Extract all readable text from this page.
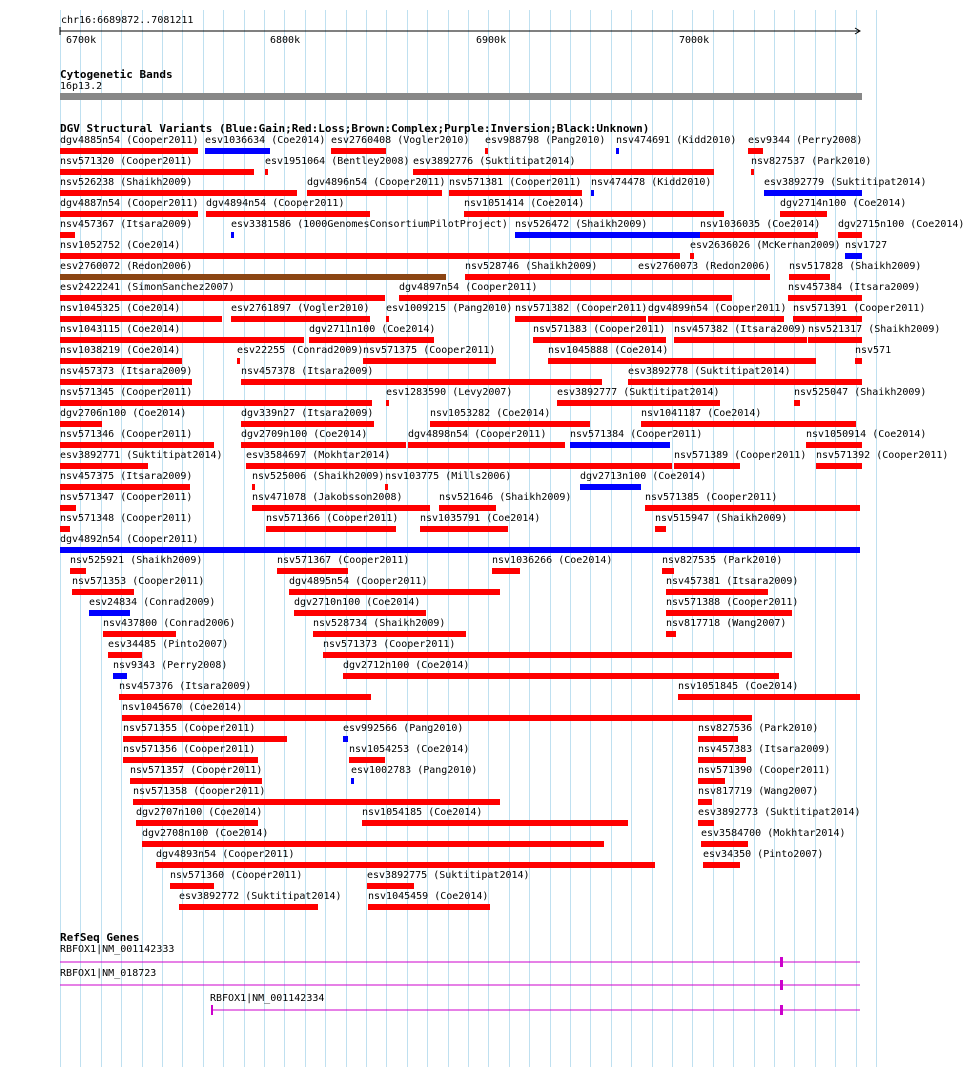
chr16:6689872..7081211
6700k	6800k	6900k	7000k
Cytogenetic Bands
16p13.2
DGV Structural Variants (Blue:Gain;Red:Loss;Brown:Complex;Purple:Inversion;Black:Unknown)
dgv4885n54 (Cooper2011) esv1036634 (Coe2014) esv2760408 (Vogler2010) esv988798 (Pang2010) nsv474691 (Kidd2010) esv9344 (Perry2008)
nsv571320 (Cooper2011)	esv1951064 (Bentley2008) esv3892776 (Suktitipat2014)	nsv827537 (Park2010)
nsv526238 (Shaikh2009)	dgv4896n54 (Cooper2011) nsv571381 (Cooper2011) nsv474478 (Kidd2010)	esv3892779 (Suktitipat2014)
dgv4887n54 (Cooper2011) dgv4894n54 (Cooper2011)	nsv1051414 (Coe2014)	dgv2714n100 (Coe2014)
nsv457367 (Itsara2009)	esv3381586 (1000GenomesConsortiumPilotProject) nsv526472 (Shaikh2009)	nsv1036035 (Coe2014) dgv2715n100 (Coe2014)
nsv1052752 (Coe2014)	esv2636026 (McKernan2009) nsv1727
esv2760072 (Redon2006)	nsv528746 (Shaikh2009)	esv2760073 (Redon2006) nsv517828 (Shaikh2009)
esv2422241 (SimonSanchez2007)	dgv4897n54 (Cooper2011)	nsv457384 (Itsara2009)
nsv1045325 (Coe2014)	esv2761897 (Vogler2010) esv1009215 (Pang2010) nsv571382 (Cooper2011) dgv4899n54 (Cooper2011) nsv571391 (Cooper2011)
nsv1043115 (Coe2014)	dgv2711n100 (Coe2014)	nsv571383 (Cooper2011) nsv457382 (Itsara2009) nsv521317 (Shaikh2009)
nsv1038219 (Coe2014)	esv22255 (Conrad2009) nsv571375 (Cooper2011)	nsv1045888 (Coe2014)	nsv571
nsv457373 (Itsara2009)	nsv457378 (Itsara2009)	esv3892778 (Suktitipat2014)
nsv571345 (Cooper2011)	esv1283590 (Levy2007)	esv3892777 (Suktitipat2014)	nsv525047 (Shaikh2009)
dgv2706n100 (Coe2014)	dgv339n27 (Itsara2009)	nsv1053282 (Coe2014)	nsv1041187 (Coe2014)
nsv571346 (Cooper2011)	dgv2709n100 (Coe2014)	dgv4898n54 (Cooper2011) nsv571384 (Cooper2011)	nsv1050914 (Coe2014)
esv3892771 (Suktitipat2014) esv3584697 (Mokhtar2014)	nsv571389 (Cooper2011) nsv571392 (Cooper2011)
nsv457375 (Itsara2009)	nsv525006 (Shaikh2009) nsv103775 (Mills2006)	dgv2713n100 (Coe2014)
nsv571347 (Cooper2011)	nsv471078 (Jakobsson2008)	nsv521646 (Shaikh2009)	nsv571385 (Cooper2011)
nsv571348 (Cooper2011)	nsv571366 (Cooper2011) nsv1035791 (Coe2014)	nsv515947 (Shaikh2009)
dgv4892n54 (Cooper2011)
nsv525921 (Shaikh2009)	nsv571367 (Cooper2011)	nsv1036266 (Coe2014)	nsv827535 (Park2010)
nsv571353 (Cooper2011)	dgv4895n54 (Cooper2011)	nsv457381 (Itsara2009)
esv24834 (Conrad2009)	dgv2710n100 (Coe2014)	nsv571388 (Cooper2011)
nsv437800 (Conrad2006)	nsv528734 (Shaikh2009)	nsv817718 (Wang2007)
esv34485 (Pinto2007)	nsv571373 (Cooper2011)
nsv9343 (Perry2008)	dgv2712n100 (Coe2014)
nsv457376 (Itsara2009)	nsv1051845 (Coe2014)
nsv1045670 (Coe2014)
nsv571355 (Cooper2011)	esv992566 (Pang2010)	nsv827536 (Park2010)
nsv571356 (Cooper2011)	nsv1054253 (Coe2014)	nsv457383 (Itsara2009)
nsv571357 (Cooper2011)	esv1002783 (Pang2010)	nsv571390 (Cooper2011)
nsv571358 (Cooper2011)	nsv817719 (Wang2007)
dgv2707n100 (Coe2014)	nsv1054185 (Coe2014)	esv3892773 (Suktitipat2014)
dgv2708n100 (Coe2014)	esv3584700 (Mokhtar2014)
dgv4893n54 (Cooper2011)	esv34350 (Pinto2007)
nsv571360 (Cooper2011)	esv3892775 (Suktitipat2014)
esv3892772 (Suktitipat2014)	nsv1045459 (Coe2014)
RefSeq Genes
RBFOX1|NM_001142333
RBFOX1|NM_018723
RBFOX1|NM_001142334
